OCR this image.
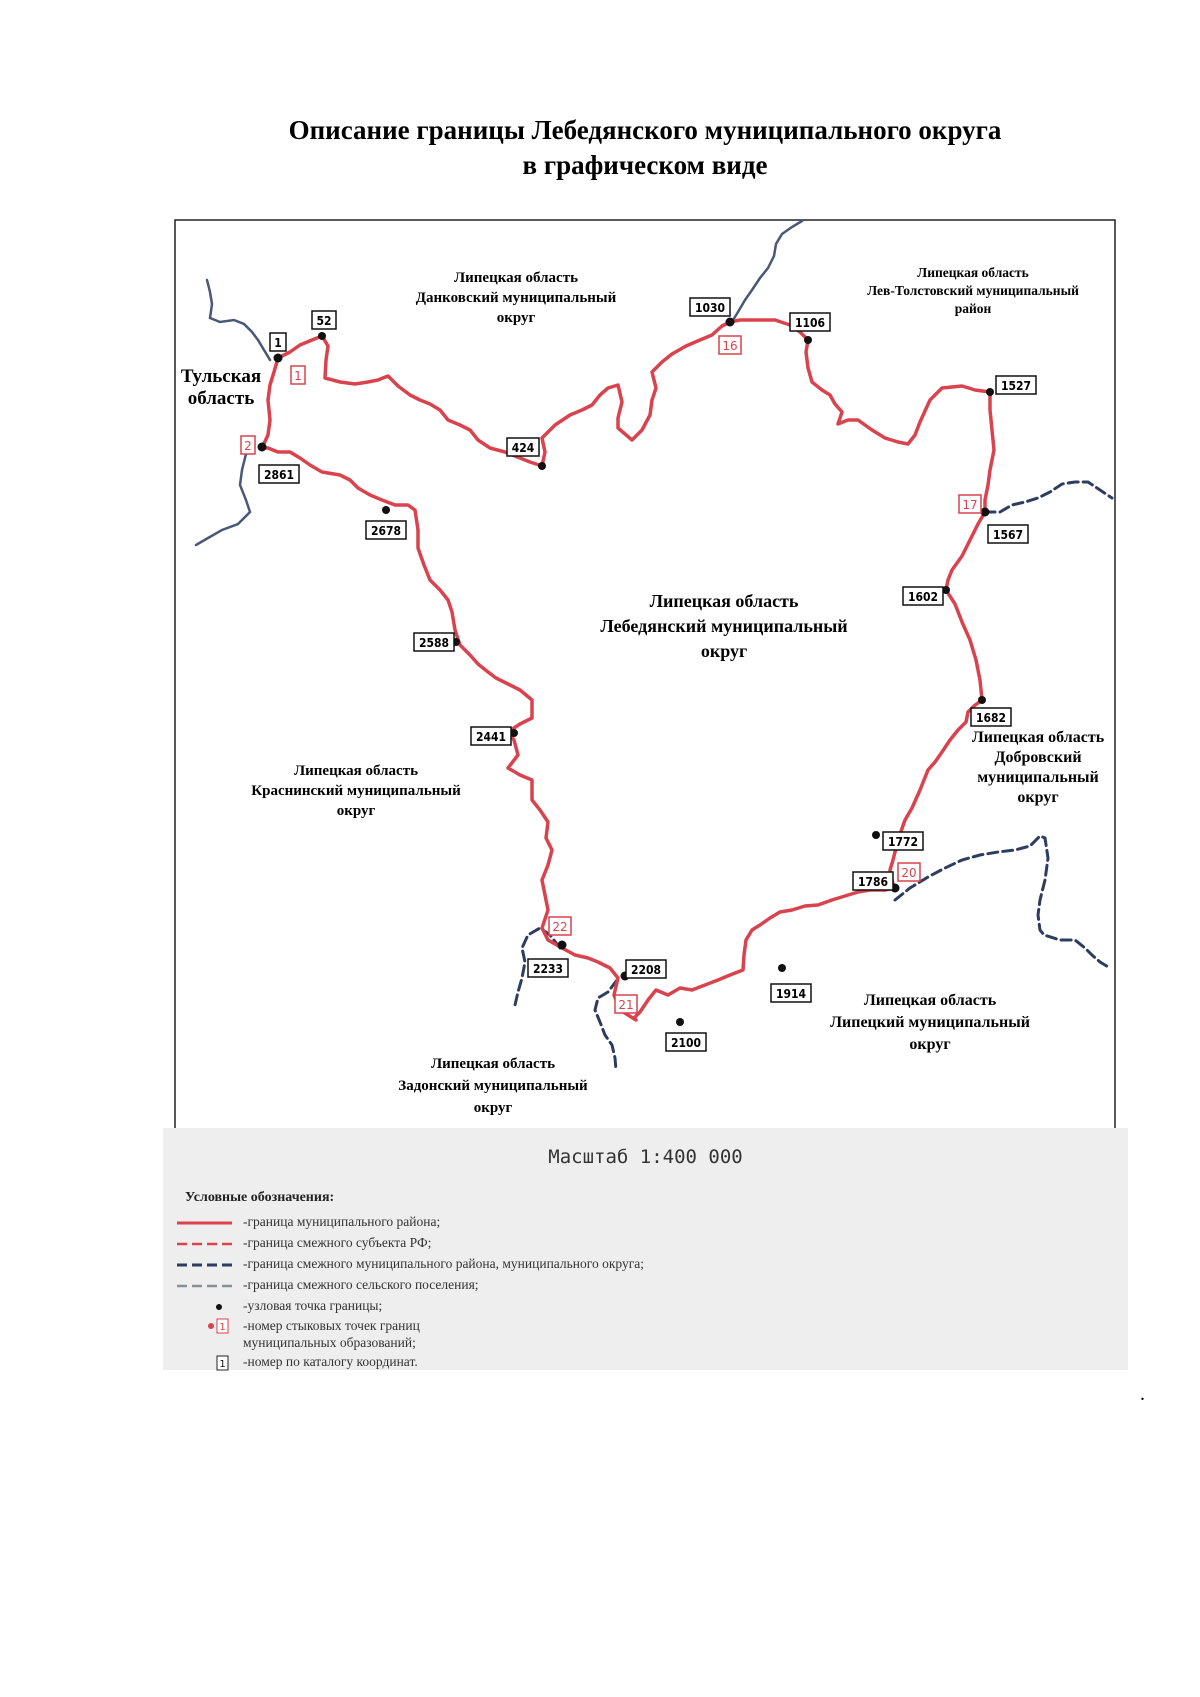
Описание границы Лебедянского муниципального округа
в графическом виде
Тульская область
Липецкая область Данковский муниципальный округ
Липецкая область Лев-Толстовский муниципальный район
Липецкая область Лебедянский муниципальный округ
Липецкая область Добровский муниципальный округ
Липецкая область Краснинский муниципальный округ
Липецкая область Липецкий муниципальный округ
Липецкая область Задонский муниципальный округ
1
52
424
1030
1106
1527
1567
1602
1682
1772
1786
1914
2100
2208
2233
2441
2588
2678
2861
1
2
16
17
20
21
22
Масштаб 1:400 000
Условные обозначения:
-граница муниципального района;
-граница смежного субъекта РФ;
-граница смежного муниципального района, муниципального округа;
-граница смежного сельского поселения;
-узловая точка границы;
1 -номер стыковых точек границ
муниципальных образований;
1 -номер по каталогу координат.
.
